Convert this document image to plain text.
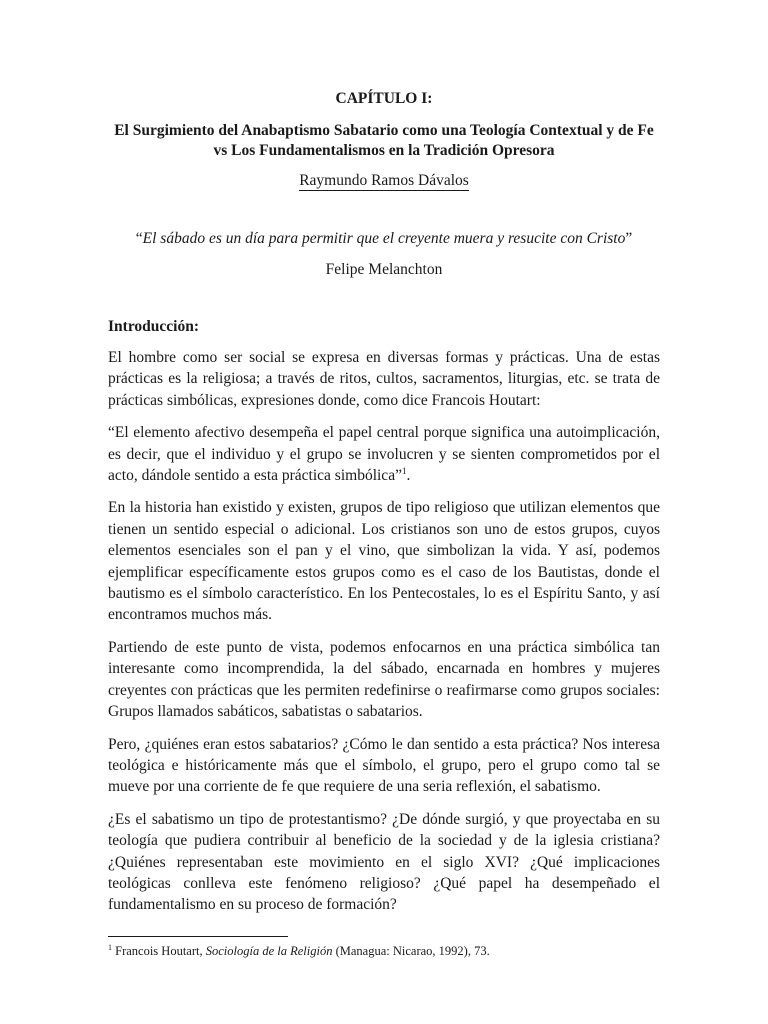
CAPÍTULO I:
El Surgimiento del Anabaptismo Sabatario como una Teología Contextual y de Fe vs Los Fundamentalismos en la Tradición Opresora
Raymundo Ramos Dávalos

“El sábado es un día para permitir que el creyente muera y resucite con Cristo”

Felipe Melanchton

Introducción:

El hombre como ser social se expresa en diversas formas y prácticas. Una de estas prácticas es la religiosa; a través de ritos, cultos, sacramentos, liturgias, etc. se trata de prácticas simbólicas, expresiones donde, como dice Francois Houtart:

“El elemento afectivo desempeña el papel central porque significa una autoimplicación, es decir, que el individuo y el grupo se involucren y se sienten comprometidos por el acto, dándole sentido a esta práctica simbólica”$^1$.

En la historia han existido y existen, grupos de tipo religioso que utilizan elementos que tienen un sentido especial o adicional. Los cristianos son uno de estos grupos, cuyos elementos esenciales son el pan y el vino, que simbolizan la vida. Y así, podemos ejemplificar específicamente estos grupos como es el caso de los Bautistas, donde el bautismo es el símbolo característico. En los Pentecostales, lo es el Espíritu Santo, y así encontramos muchos más.

Partiendo de este punto de vista, podemos enfocarnos en una práctica simbólica tan interesante como incomprendida, la del sábado, encarnada en hombres y mujeres creyentes con prácticas que les permiten redefinirse o reafirmarse como grupos sociales: Grupos llamados sabáticos, sabatistas o sabatarios.

Pero, ¿quiénes eran estos sabatarios? ¿Cómo le dan sentido a esta práctica? Nos interesa teológica e históricamente más que el símbolo, el grupo, pero el grupo como tal se mueve por una corriente de fe que requiere de una seria reflexión, el sabatismo.

¿Es el sabatismo un tipo de protestantismo? ¿De dónde surgió, y que proyectaba en su teología que pudiera contribuir al beneficio de la sociedad y de la iglesia cristiana? ¿Quiénes representaban este movimiento en el siglo XVI? ¿Qué implicaciones teológicas conlleva este fenómeno religioso? ¿Qué papel ha desempeñado el fundamentalismo en su proceso de formación?

$^1$ Francois Houtart, Sociología de la Religión (Managua: Nicarao, 1992), 73.
